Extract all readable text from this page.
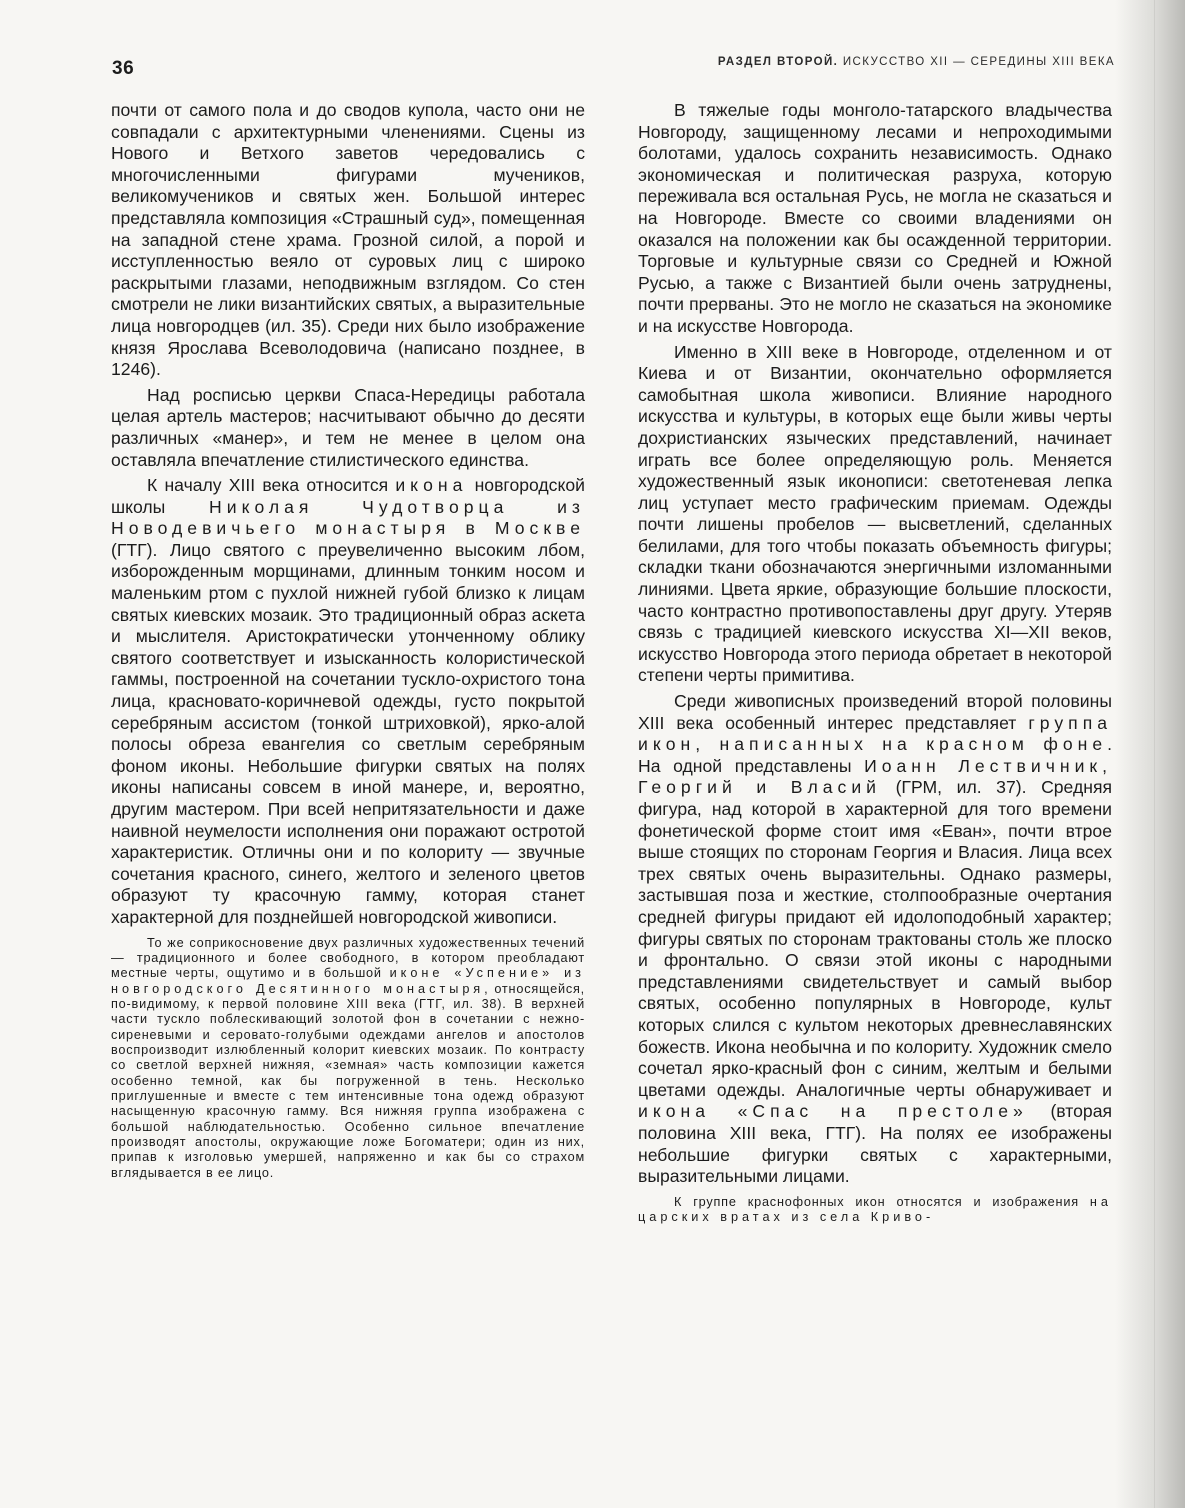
36	РАЗДЕЛ ВТОРОЙ. ИСКУССТВО XII — СЕРЕДИНЫ XIII ВЕКА

почти от самого пола и до сводов купола, часто они не совпадали с архитектурными членениями. Сцены из Нового и Ветхого заветов чередовались с многочисленными фигурами мучеников, великомучеников и святых жен. Большой интерес представляла композиция «Страшный суд», помещенная на западной стене храма. Грозной силой, а порой и исступленностью веяло от суровых лиц с широко раскрытыми глазами, неподвижным взглядом. Со стен смотрели не лики византийских святых, а выразительные лица новгородцев (ил. 35). Среди них было изображение князя Ярослава Всеволодовича (написано позднее, в 1246).

Над росписью церкви Спаса-Нередицы работала целая артель мастеров; насчитывают обычно до десяти различных «манер», и тем не менее в целом она оставляла впечатление стилистического единства.

К началу XIII века относится икона новгородской школы Николая Чудотворца из Новодевичьего монастыря в Москве (ГТГ). Лицо святого с преувеличенно высоким лбом, изборожденным морщинами, длинным тонким носом и маленьким ртом с пухлой нижней губой близко к лицам святых киевских мозаик. Это традиционный образ аскета и мыслителя. Аристократически утонченному облику святого соответствует и изысканность колористической гаммы, построенной на сочетании тускло-охристого тона лица, красновато-коричневой одежды, густо покрытой серебряным ассистом (тонкой штриховкой), ярко-алой полосы обреза евангелия со светлым серебряным фоном иконы. Небольшие фигурки святых на полях иконы написаны совсем в иной манере, и, вероятно, другим мастером. При всей непритязательности и даже наивной неумелости исполнения они поражают остротой характеристик. Отличны они и по колориту — звучные сочетания красного, синего, желтого и зеленого цветов образуют ту красочную гамму, которая станет характерной для позднейшей новгородской живописи.

То же соприкосновение двух различных художественных течений — традиционного и более свободного, в котором преобладают местные черты, ощутимо и в большой иконе «Успение» из новгородского Десятинного монастыря, относящейся, по-видимому, к первой половине XIII века (ГТГ, ил. 38). В верхней части тускло поблескивающий золотой фон в сочетании с нежно-сиреневыми и серовато-голубыми одеждами ангелов и апостолов воспроизводит излюбленный колорит киевских мозаик. По контрасту со светлой верхней нижняя, «земная» часть композиции кажется особенно темной, как бы погруженной в тень. Несколько приглушенные и вместе с тем интенсивные тона одежд образуют насыщенную красочную гамму. Вся нижняя группа изображена с большой наблюдательностью. Особенно сильное впечатление производят апостолы, окружающие ложе Богоматери; один из них, припав к изголовью умершей, напряженно и как бы со страхом вглядывается в ее лицо.

В тяжелые годы монголо-татарского владычества Новгороду, защищенному лесами и непроходимыми болотами, удалось сохранить независимость. Однако экономическая и политическая разруха, которую переживала вся остальная Русь, не могла не сказаться и на Новгороде. Вместе со своими владениями он оказался на положении как бы осажденной территории. Торговые и культурные связи со Средней и Южной Русью, а также с Византией были очень затруднены, почти прерваны. Это не могло не сказаться на экономике и на искусстве Новгорода.

Именно в XIII веке в Новгороде, отделенном и от Киева и от Византии, окончательно оформляется самобытная школа живописи. Влияние народного искусства и культуры, в которых еще были живы черты дохристианских языческих представлений, начинает играть все более определяющую роль. Меняется художественный язык иконописи: светотеневая лепка лиц уступает место графическим приемам. Одежды почти лишены пробелов — высветлений, сделанных белилами, для того чтобы показать объемность фигуры; складки ткани обозначаются энергичными изломанными линиями. Цвета яркие, образующие большие плоскости, часто контрастно противопоставлены друг другу. Утеряв связь с традицией киевского искусства XI—XII веков, искусство Новгорода этого периода обретает в некоторой степени черты примитива.

Среди живописных произведений второй половины XIII века особенный интерес представляет группа икон, написанных на красном фоне. На одной представлены Иоанн Лествичник, Георгий и Власий (ГРМ, ил. 37). Средняя фигура, над которой в характерной для того времени фонетической форме стоит имя «Еван», почти втрое выше стоящих по сторонам Георгия и Власия. Лица всех трех святых очень выразительны. Однако размеры, застывшая поза и жесткие, столпообразные очертания средней фигуры придают ей идолоподобный характер; фигуры святых по сторонам трактованы столь же плоско и фронтально. О связи этой иконы с народными представлениями свидетельствует и самый выбор святых, особенно популярных в Новгороде, культ которых слился с культом некоторых древнеславянских божеств. Икона необычна и по колориту. Художник смело сочетал ярко-красный фон с синим, желтым и белыми цветами одежды. Аналогичные черты обнаруживает и икона «Спас на престоле» (вторая половина XIII века, ГТГ). На полях ее изображены небольшие фигурки святых с характерными, выразительными лицами.

К группе краснофонных икон относятся и изображения на царских вратах из села Криво-
